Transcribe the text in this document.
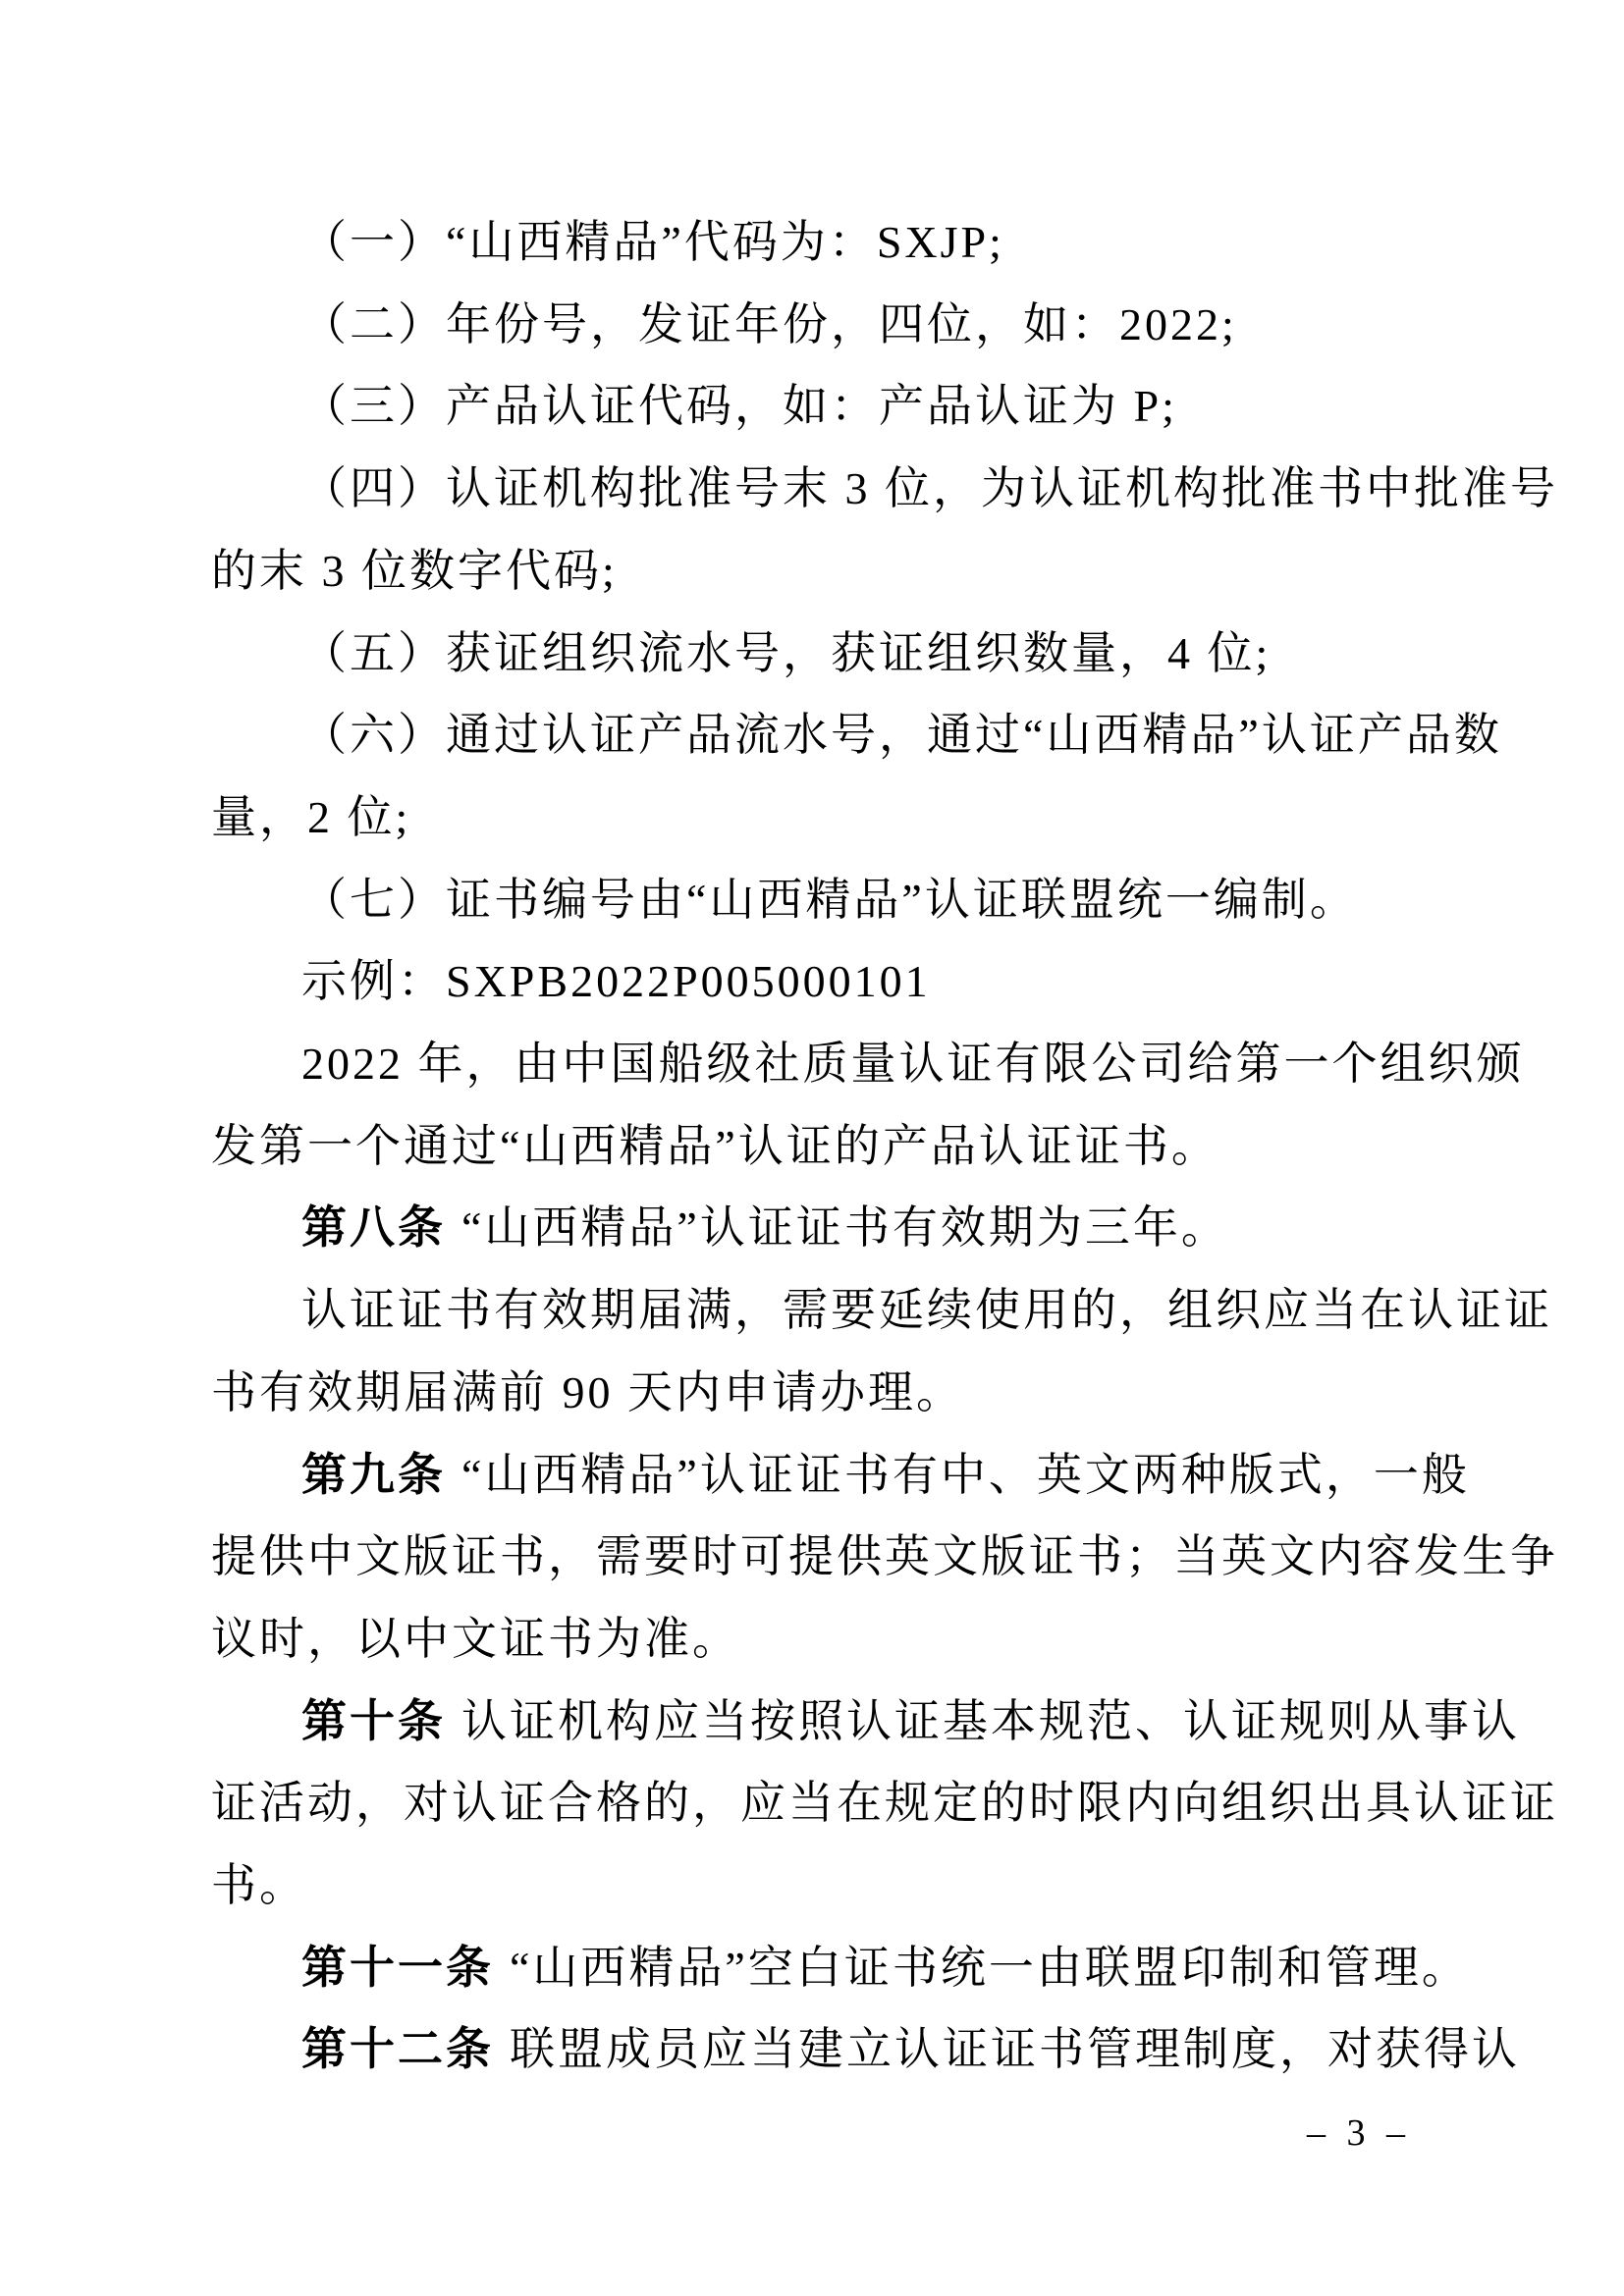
（一）“山西精品”代码为：SXJP;
（二）年份号，发证年份，四位，如：2022;
（三）产品认证代码，如：产品认证为 P;
（四）认证机构批准号末 3 位，为认证机构批准书中批准号
的末 3 位数字代码;
（五）获证组织流水号，获证组织数量，4 位;
（六）通过认证产品流水号，通过“山西精品”认证产品数
量，2 位;
（七）证书编号由“山西精品”认证联盟统一编制。
示例：SXPB2022P005000101
2022 年，由中国船级社质量认证有限公司给第一个组织颁
发第一个通过“山西精品”认证的产品认证证书。
第八条 “山西精品”认证证书有效期为三年。
认证证书有效期届满，需要延续使用的，组织应当在认证证
书有效期届满前 90 天内申请办理。
第九条 “山西精品”认证证书有中、英文两种版式，一般
提供中文版证书，需要时可提供英文版证书；当英文内容发生争
议时，以中文证书为准。
第十条 认证机构应当按照认证基本规范、认证规则从事认
证活动，对认证合格的，应当在规定的时限内向组织出具认证证
书。
第十一条 “山西精品”空白证书统一由联盟印制和管理。
第十二条 联盟成员应当建立认证证书管理制度，对获得认
– 3 –
